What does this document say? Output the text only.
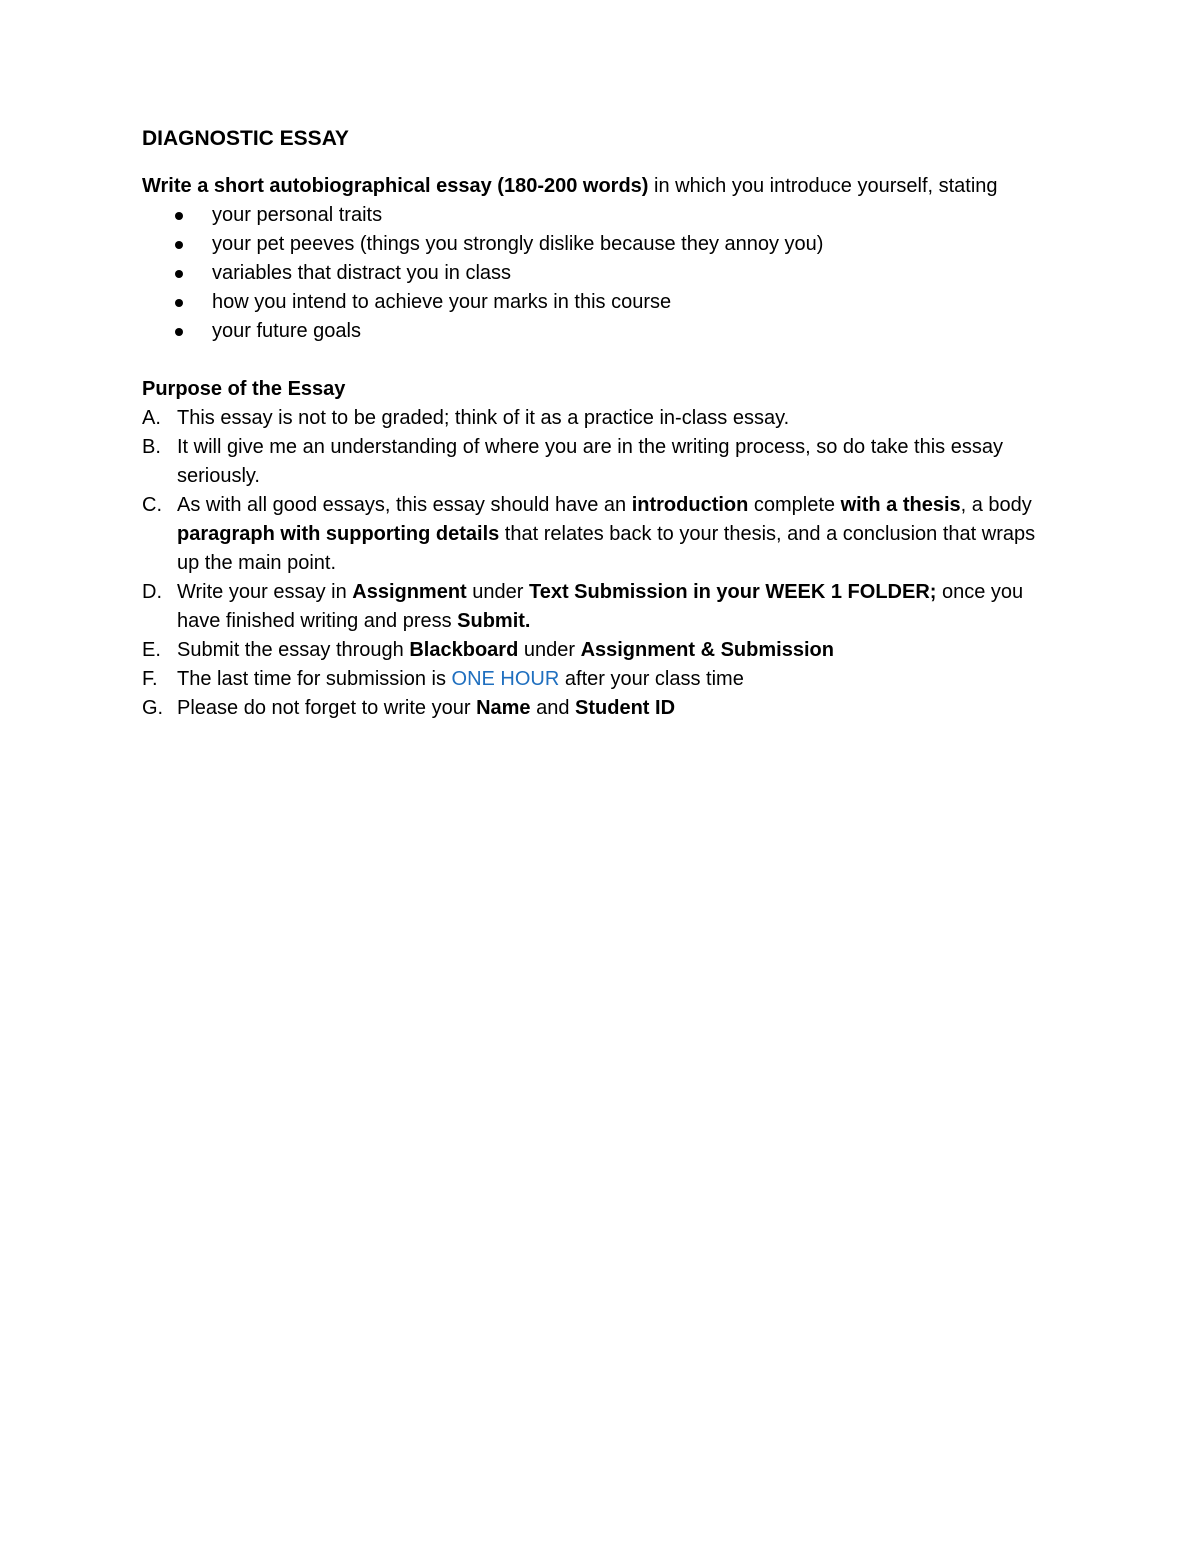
DIAGNOSTIC ESSAY

Write a short autobiographical essay (180-200 words) in which you introduce yourself, stating

your personal traits
your pet peeves (things you strongly dislike because they annoy you)
variables that distract you in class
how you intend to achieve your marks in this course
your future goals
Purpose of the Essay
A. This essay is not to be graded; think of it as a practice in-class essay.
B. It will give me an understanding of where you are in the writing process, so do take this essay seriously.
C. As with all good essays, this essay should have an introduction complete with a thesis, a body paragraph with supporting details that relates back to your thesis, and a conclusion that wraps up the main point.
D. Write your essay in Assignment under Text Submission in your WEEK 1 FOLDER; once you have finished writing and press Submit.
E. Submit the essay through Blackboard under Assignment & Submission
F. The last time for submission is ONE HOUR after your class time
G. Please do not forget to write your Name and Student ID
